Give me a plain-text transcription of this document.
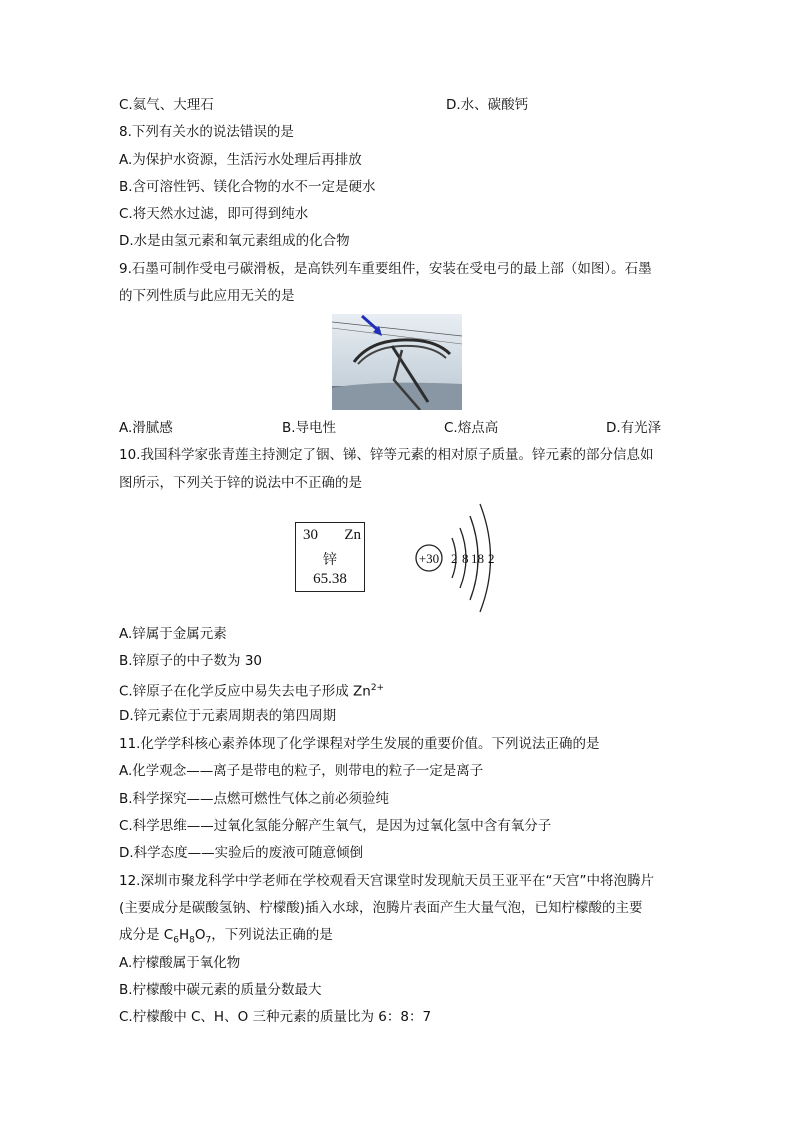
C.氦气、大理石	D.水、碳酸钙
8.下列有关水的说法错误的是
A.为保护水资源，生活污水处理后再排放
B.含可溶性钙、镁化合物的水不一定是硬水
C.将天然水过滤，即可得到纯水
D.水是由氢元素和氧元素组成的化合物
9.石墨可制作受电弓碳滑板，是高铁列车重要组件，安装在受电弓的最上部（如图）。石墨
的下列性质与此应用无关的是
A.滑腻感	B.导电性	C.熔点高	D.有光泽
10.我国科学家张青莲主持测定了铟、锑、锌等元素的相对原子质量。锌元素的部分信息如
图所示，下列关于锌的说法中不正确的是
30 Zn
锌
65.38
+30 2 8 18 2
A.锌属于金属元素
B.锌原子的中子数为 30
C.锌原子在化学反应中易失去电子形成 $Zn^{2+}$
D.锌元素位于元素周期表的第四周期
11.化学学科核心素养体现了化学课程对学生发展的重要价值。下列说法正确的是
A.化学观念——离子是带电的粒子，则带电的粒子一定是离子
B.科学探究——点燃可燃性气体之前必须验纯
C.科学思维——过氧化氢能分解产生氧气，是因为过氧化氢中含有氧分子
D.科学态度——实验后的废液可随意倾倒
12.深圳市聚龙科学中学老师在学校观看天宫课堂时发现航天员王亚平在“天宫”中将泡腾片
(主要成分是碳酸氢钠、柠檬酸)插入水球，泡腾片表面产生大量气泡，已知柠檬酸的主要
成分是 $C_6H_8O_7$，下列说法正确的是
A.柠檬酸属于氧化物
B.柠檬酸中碳元素的质量分数最大
C.柠檬酸中 C、H、O 三种元素的质量比为 6：8：7
